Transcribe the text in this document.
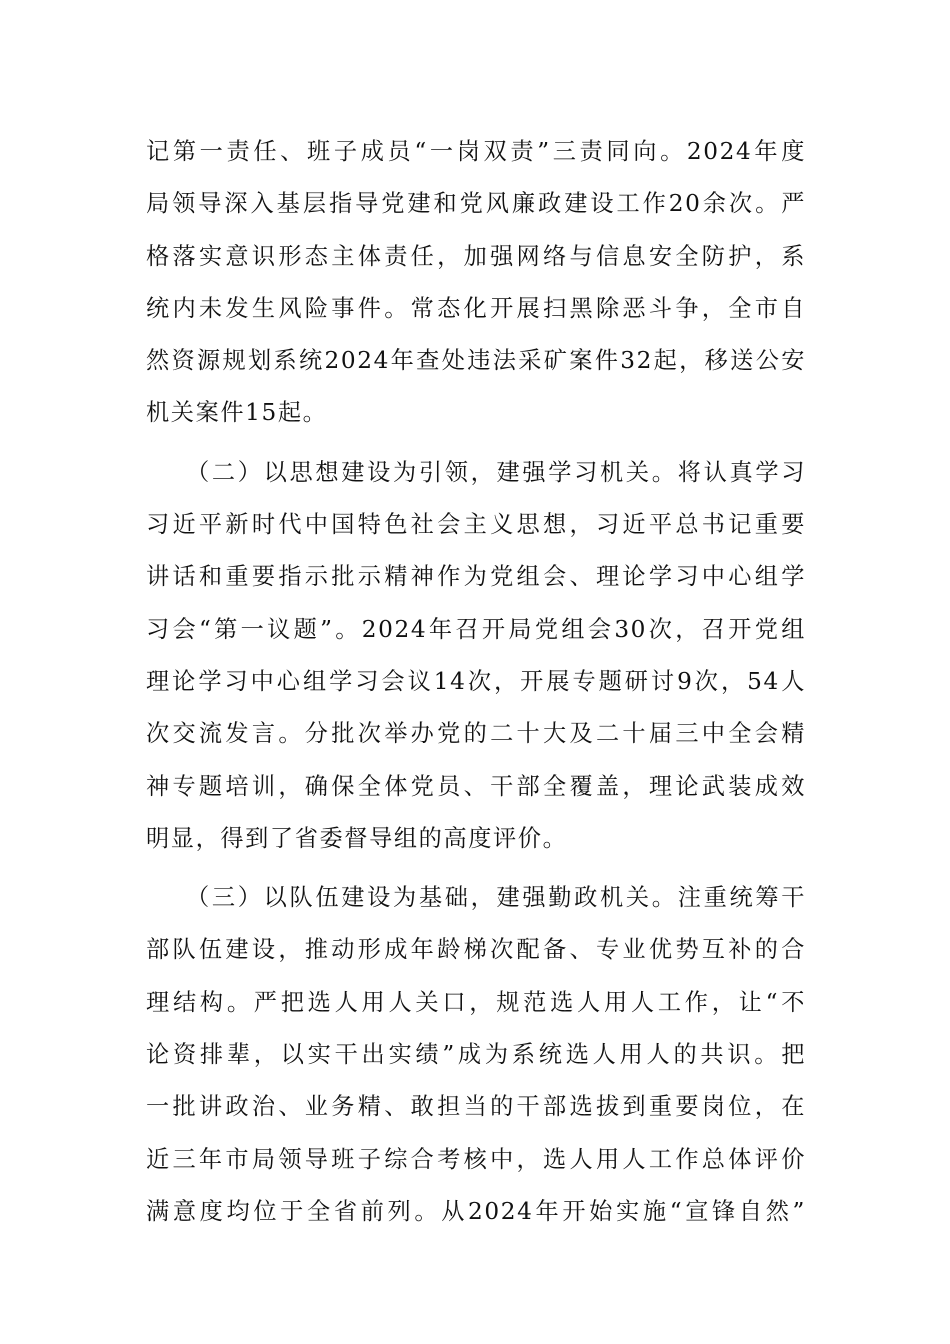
记第一责任、班子成员“一岗双责”三责同向。2024年度
局领导深入基层指导党建和党风廉政建设工作20余次。严
格落实意识形态主体责任，加强网络与信息安全防护，系
统内未发生风险事件。常态化开展扫黑除恶斗争，全市自
然资源规划系统2024年查处违法采矿案件32起，移送公安
机关案件15起。
（二）以思想建设为引领，建强学习机关。将认真学习
习近平新时代中国特色社会主义思想，习近平总书记重要
讲话和重要指示批示精神作为党组会、理论学习中心组学
习会“第一议题”。2024年召开局党组会30次，召开党组
理论学习中心组学习会议14次，开展专题研讨9次，54人
次交流发言。分批次举办党的二十大及二十届三中全会精
神专题培训，确保全体党员、干部全覆盖，理论武装成效
明显，得到了省委督导组的高度评价。
（三）以队伍建设为基础，建强勤政机关。注重统筹干
部队伍建设，推动形成年龄梯次配备、专业优势互补的合
理结构。严把选人用人关口，规范选人用人工作，让“不
论资排辈，以实干出实绩”成为系统选人用人的共识。把
一批讲政治、业务精、敢担当的干部选拔到重要岗位，在
近三年市局领导班子综合考核中，选人用人工作总体评价
满意度均位于全省前列。从2024年开始实施“宣锋自然”
